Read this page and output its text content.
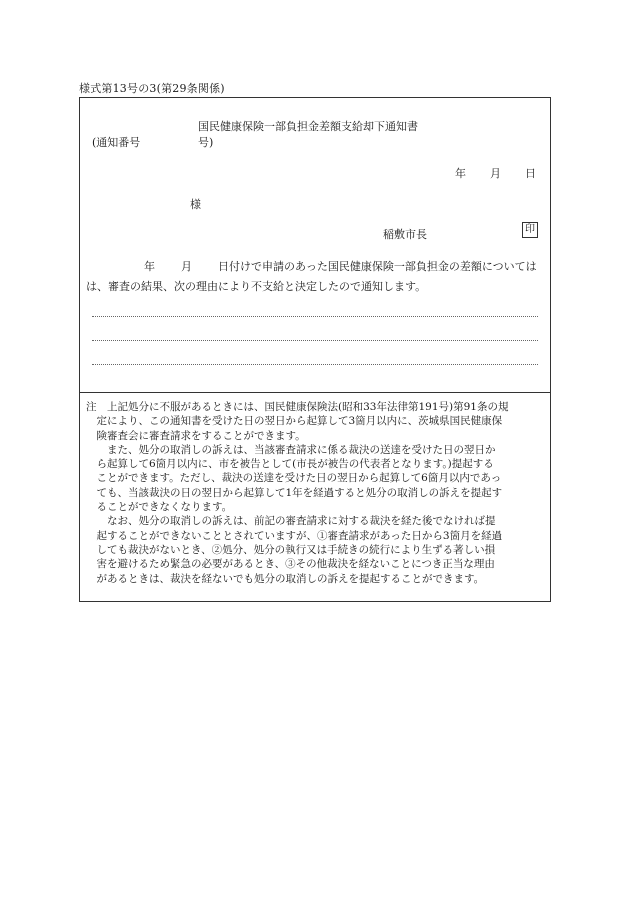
様式第13号の3(第29条関係)
国民健康保険一部負担金差額支給却下通知書
(通知番号	号)
年 月 日
様
稲敷市長	印
年 月 日付けで申請のあった国民健康保険一部負担金の差額については
は、審査の結果、次の理由により不支給と決定したので通知します。
注　上記処分に不服があるときには、国民健康保険法(昭和33年法律第191号)第91条の規
　定により、この通知書を受けた日の翌日から起算して3箇月以内に、茨城県国民健康保
　険審査会に審査請求をすることができます。
　　また、処分の取消しの訴えは、当該審査請求に係る裁決の送達を受けた日の翌日か
　ら起算して6箇月以内に、市を被告として(市長が被告の代表者となります。)提起する
　ことができます。ただし、裁決の送達を受けた日の翌日から起算して6箇月以内であっ
　ても、当該裁決の日の翌日から起算して1年を経過すると処分の取消しの訴えを提起す
　ることができなくなります。
　　なお、処分の取消しの訴えは、前記の審査請求に対する裁決を経た後でなければ提
　起することができないこととされていますが、①審査請求があった日から3箇月を経過
　しても裁決がないとき、②処分、処分の執行又は手続きの続行により生ずる著しい損
　害を避けるため緊急の必要があるとき、③その他裁決を経ないことにつき正当な理由
　があるときは、裁決を経ないでも処分の取消しの訴えを提起することができます。
